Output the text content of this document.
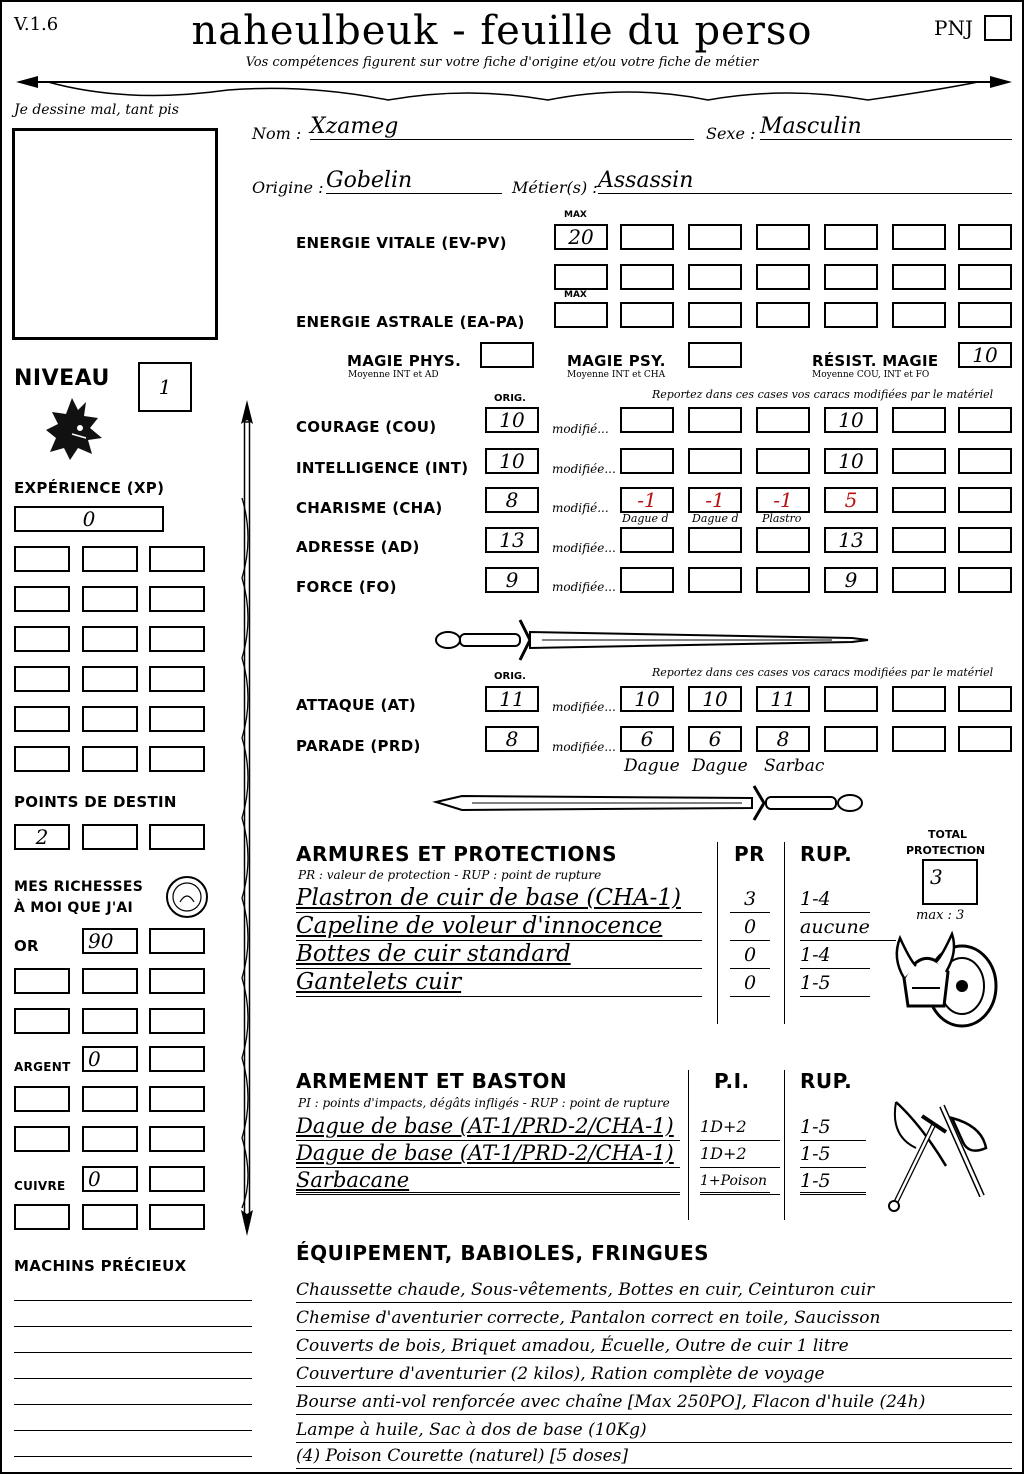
V.1.6	naheulbeuk - feuille du perso
Vos compétences figurent sur votre fiche d'origine et/ou votre fiche de métier
PNJ
Je dessine mal, tant pis
Nom : Xzameg	Sexe : Masculin
Origine : Gobelin	Métier(s) : Assassin
MAX
ENERGIE VITALE (EV-PV)	20
MAX
ENERGIE ASTRALE (EA-PA)
MAGIE PHYS.
Moyenne INT et AD
MAGIE PSY.
Moyenne INT et CHA
RÉSIST. MAGIE
Moyenne COU, INT et FO
10
NIVEAU	1
EXPÉRIENCE (XP)
0
POINTS DE DESTIN
2
MES RICHESSES
À MOI QUE J'AI
OR	90
ARGENT 0
CUIVRE	0
MACHINS PRÉCIEUX
ORIG.	Reportez dans ces cases vos caracs modifiées par le matériel
COURAGE (COU)	10	modifié...	10
INTELLIGENCE (INT)	10	modifiée...	10
CHARISME (CHA)	8	modifié...	-1	-1	-1	5
Dague d Dague d Plastro
ADRESSE (AD)	13	modifiée...	13
FORCE (FO)	9	modifiée...	9
ORIG.	Reportez dans ces cases vos caracs modifiées par le matériel
ATTAQUE (AT)	11	modifiée... 10	10	11
PARADE (PRD)	8	modifiée...	6	6	8
Dague Dague Sarbac
ARMURES ET PROTECTIONS
PR : valeur de protection - RUP : point de rupture
PR RUP.
TOTAL
PROTECTION
3
max : 3
Plastron de cuir de base (CHA-1)	3	1-4
Capeline de voleur d'innocence	0	aucune
Bottes de cuir standard	0	1-4
Gantelets cuir	0	1-5
ARMEMENT ET BASTON
PI : points d'impacts, dégâts infligés - RUP : point de rupture
P.I.	RUP.
Dague de base (AT-1/PRD-2/CHA-1)	1D+2	1-5
Dague de base (AT-1/PRD-2/CHA-1)	1D+2	1-5
Sarbacane	1+Poison	1-5
ÉQUIPEMENT, BABIOLES, FRINGUES
Chaussette chaude, Sous-vêtements, Bottes en cuir, Ceinturon cuir
Chemise d'aventurier correcte, Pantalon correct en toile, Saucisson
Couverts de bois, Briquet amadou, Écuelle, Outre de cuir 1 litre
Couverture d'aventurier (2 kilos), Ration complète de voyage
Bourse anti-vol renforcée avec chaîne [Max 250PO], Flacon d'huile (24h)
Lampe à huile, Sac à dos de base (10Kg)
(4) Poison Courette (naturel) [5 doses]
